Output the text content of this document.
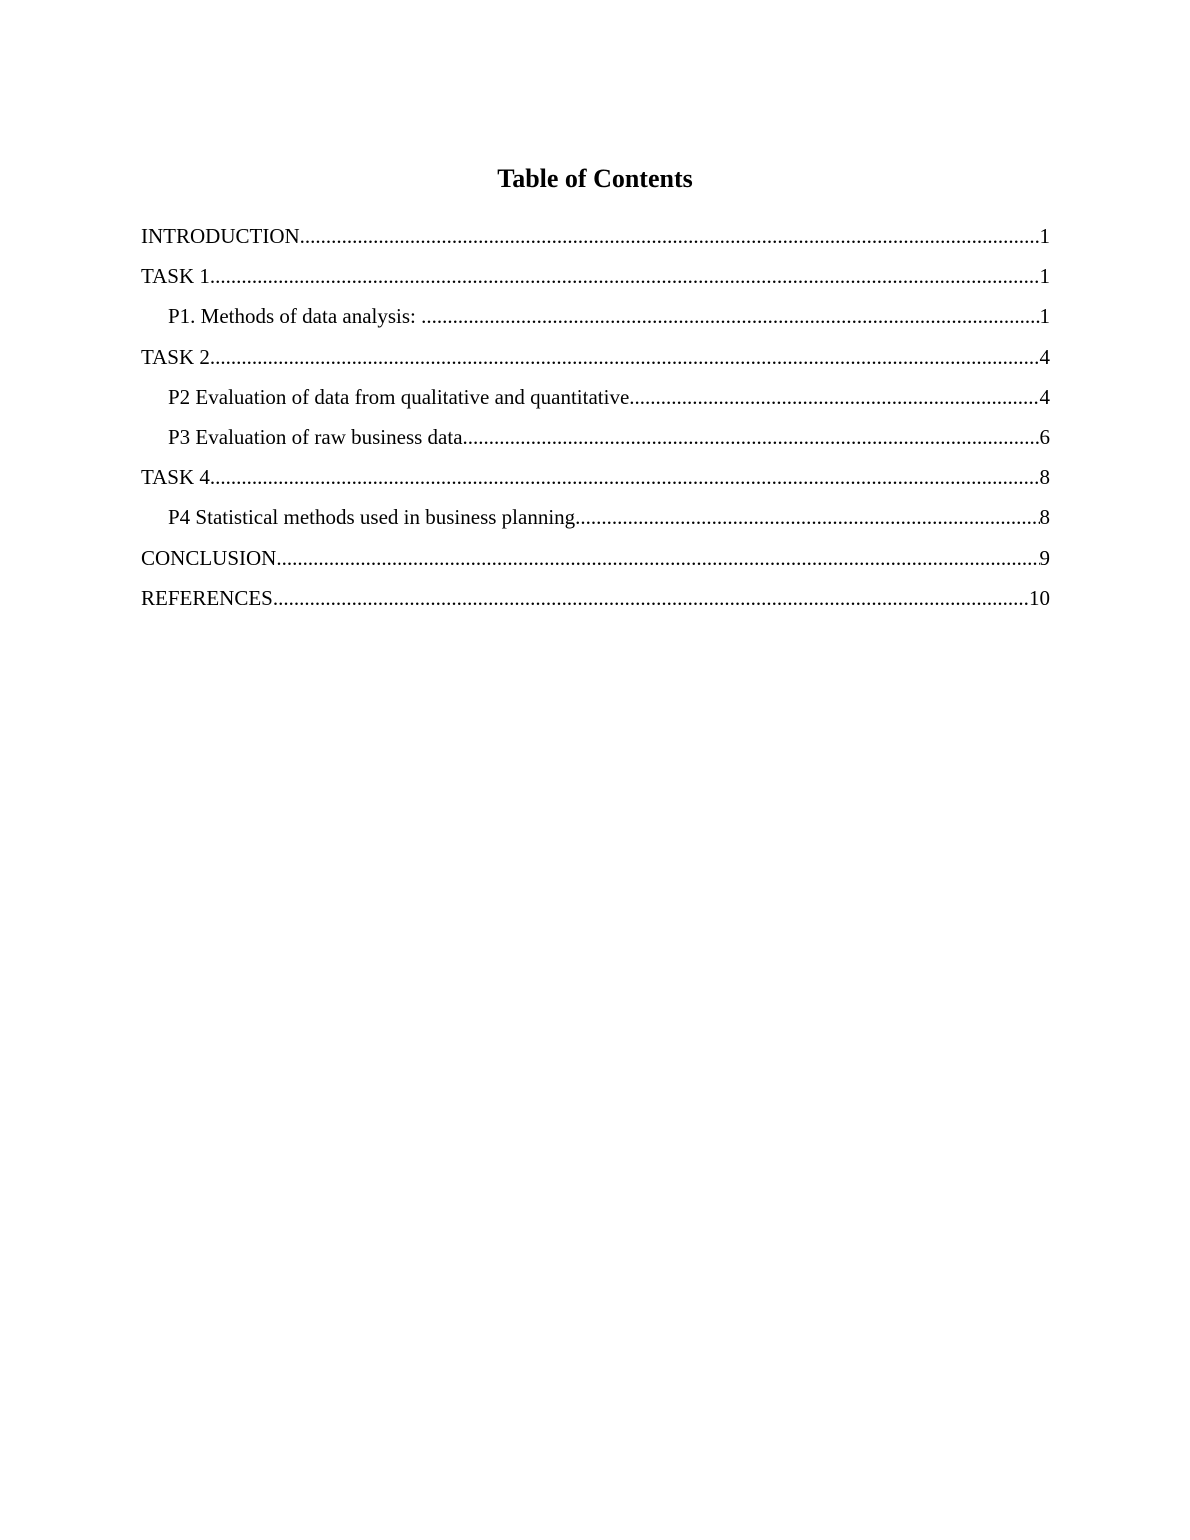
Table of Contents
INTRODUCTION .....	1
TASK 1 .....	1
P1. Methods of data analysis: .....	1
TASK 2 .....	4
P2 Evaluation of data from qualitative and quantitative .....	4
P3 Evaluation of raw business data .....	6
TASK 4 .....	8
P4 Statistical methods used in business planning .....	8
CONCLUSION .....	9
REFERENCES .....	10
